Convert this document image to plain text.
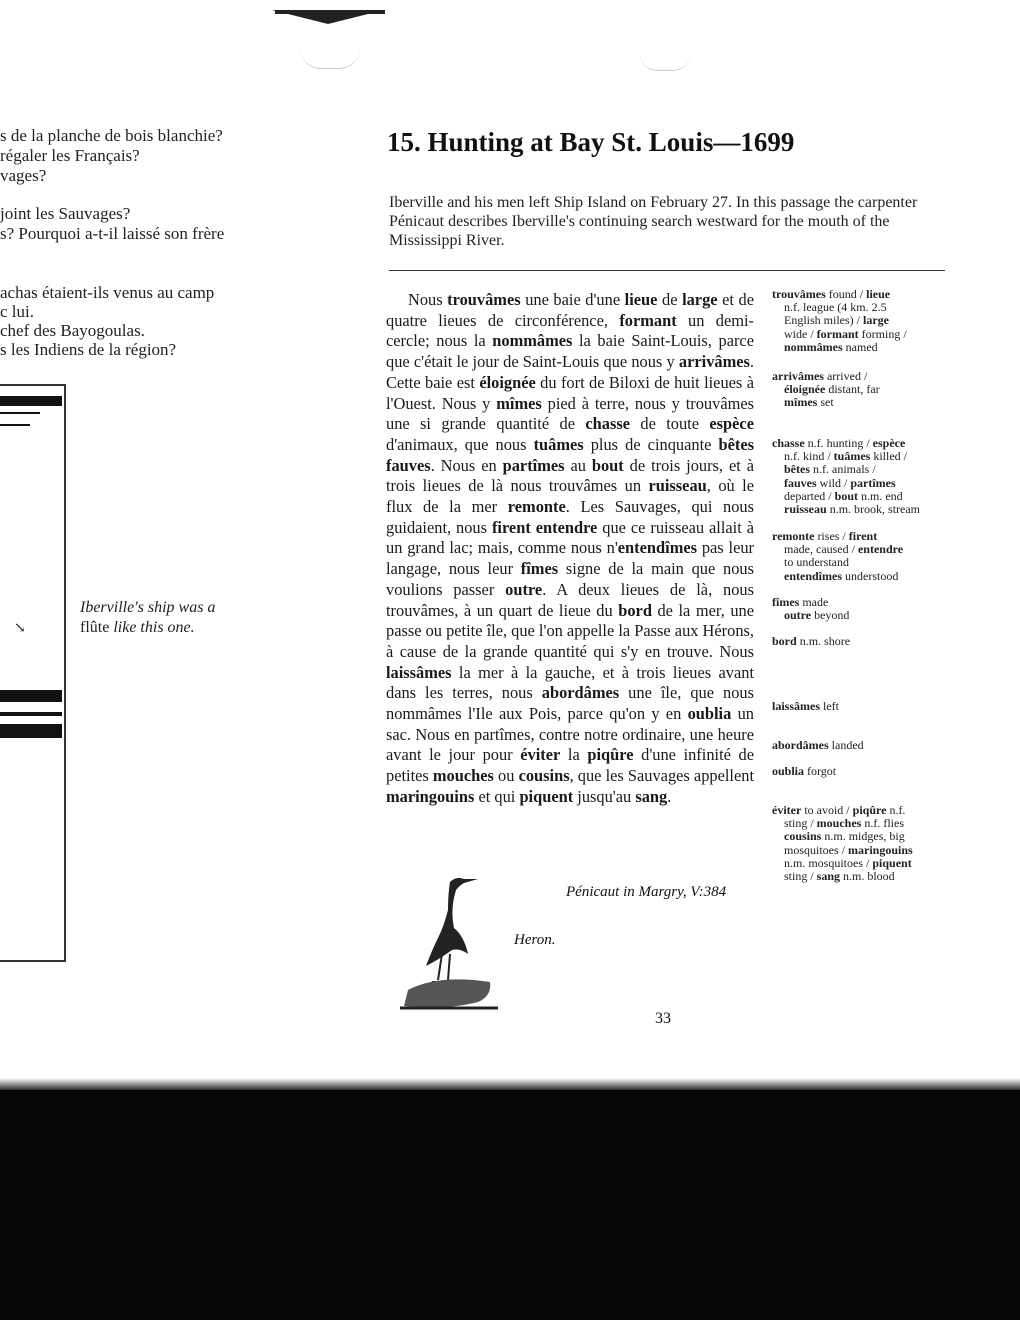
s de la planche de bois blanchie?
régaler les Français?
vages?
joint les Sauvages?
s? Pourquoi a-t-il laissé son frère
achas étaient-ils venus au camp
c lui.
chef des Bayogoulas.
s les Indiens de la région?
↘
Iberville's ship was a
flûte like this one.
15. Hunting at Bay St. Louis—1699
Iberville and his men left Ship Island on February 27. In this passage the carpenter Pénicaut describes Iberville's continuing search westward for the mouth of the Mississippi River.

Nous trouvâmes une baie d'une lieue de large et de quatre lieues de circonférence, formant un demi-cercle; nous la nommâmes la baie Saint-Louis, parce que c'était le jour de Saint-Louis que nous y arrivâmes. Cette baie est éloignée du fort de Biloxi de huit lieues à l'Ouest. Nous y mîmes pied à terre, nous y trouvâmes une si grande quantité de chasse de toute espèce d'animaux, que nous tuâmes plus de cinquante bêtes fauves. Nous en partîmes au bout de trois jours, et à trois lieues de là nous trouvâmes un ruisseau, où le flux de la mer remonte. Les Sauvages, qui nous guidaient, nous firent entendre que ce ruisseau allait à un grand lac; mais, comme nous n'entendîmes pas leur langage, nous leur fîmes signe de la main que nous voulions passer outre. A deux lieues de là, nous trouvâmes, à un quart de lieue du bord de la mer, une passe ou petite île, que l'on appelle la Passe aux Hérons, à cause de la grande quantité qui s'y en trouve. Nous laissâmes la mer à la gauche, et à trois lieues avant dans les terres, nous abordâmes une île, que nous nommâmes l'Ile aux Pois, parce qu'on y en oublia un sac. Nous en partîmes, contre notre ordinaire, une heure avant le jour pour éviter la piqûre d'une infinité de petites mouches ou cousins, que les Sauvages appellent maringouins et qui piquent jusqu'au sang.

trouvâmes found / lieue
n.f. league (4 km. 2.5
English miles) / large
wide / formant forming /
nommâmes named
arrivâmes arrived /
éloignée distant, far
mîmes set
chasse n.f. hunting / espèce
n.f. kind / tuâmes killed /
bêtes n.f. animals /
fauves wild / partîmes
departed / bout n.m. end
ruisseau n.m. brook, stream
remonte rises / firent
made, caused / entendre
to understand
entendîmes understood
fîmes made
outre beyond
bord n.m. shore
laissâmes left
abordâmes landed
oublia forgot
éviter to avoid / piqûre n.f.
sting / mouches n.f. flies
cousins n.m. midges, big
mosquitoes / maringouins
n.m. mosquitoes / piquent
sting / sang n.m. blood
Pénicaut in Margry, V:384
Heron.
33
